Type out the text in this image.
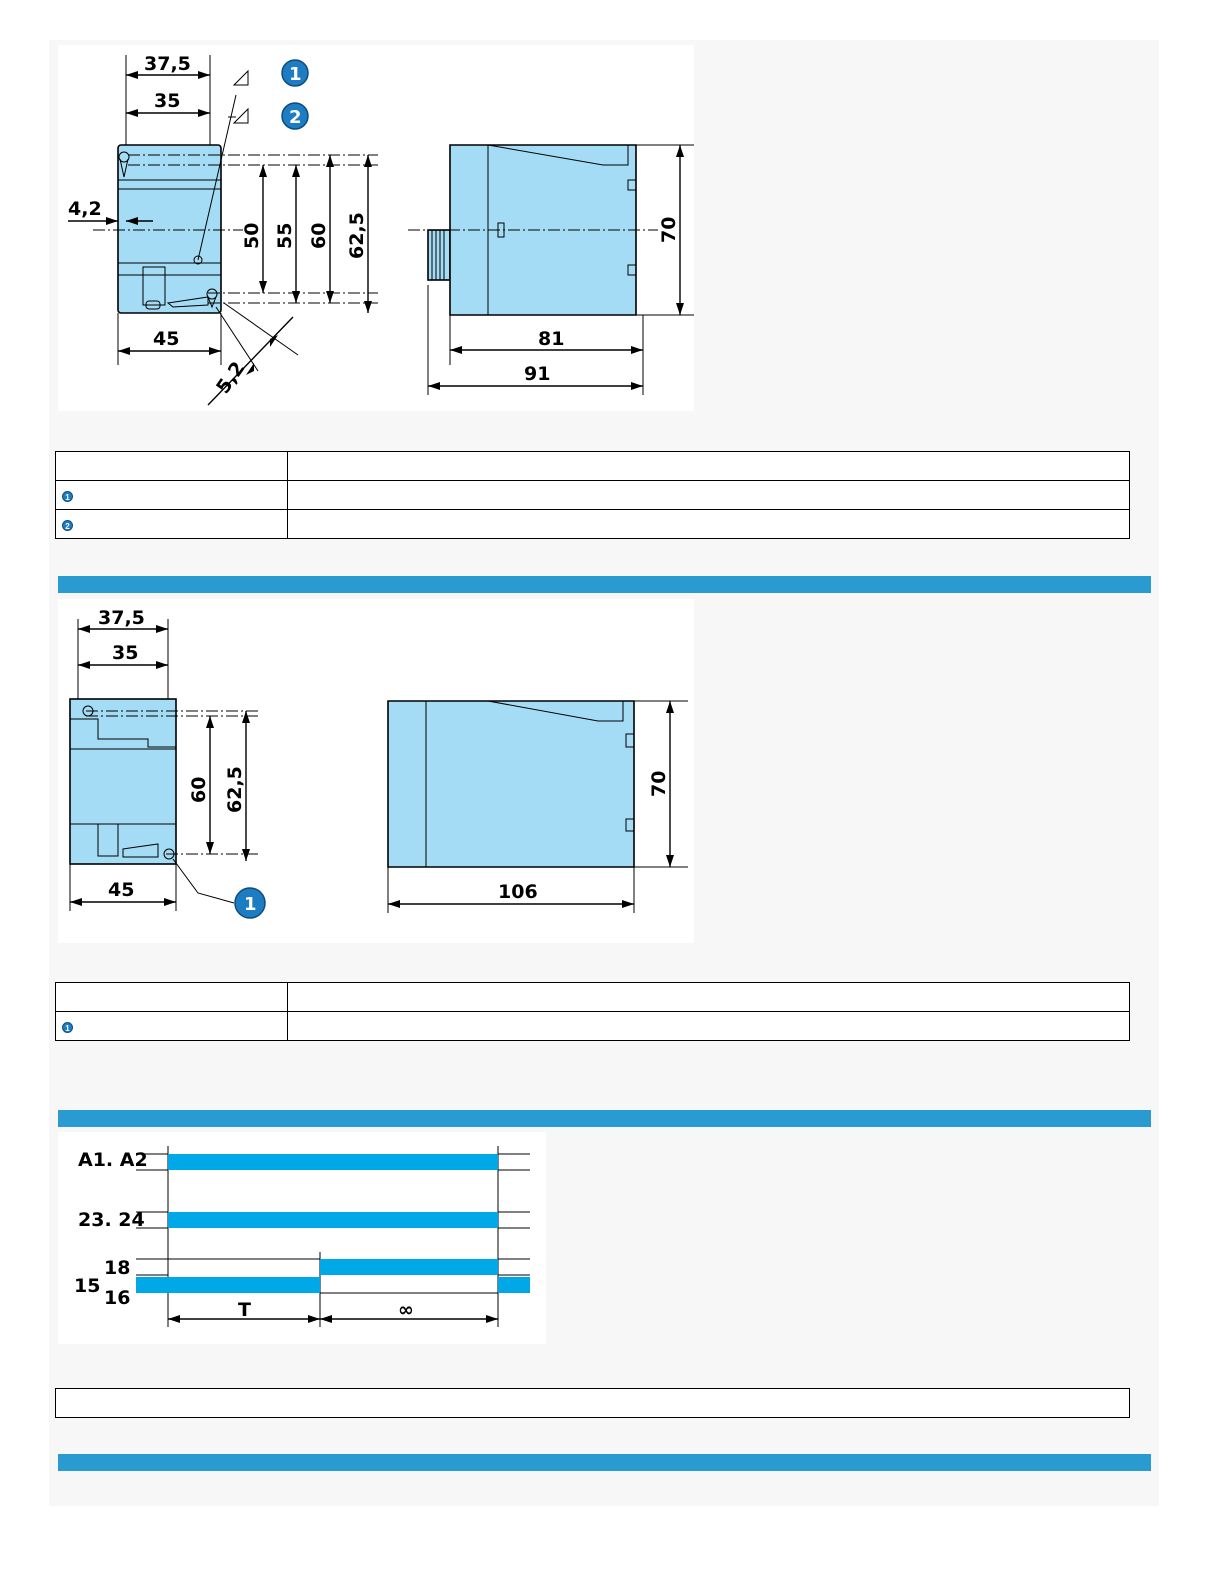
37,5
35
4,2
45
5,2
50 55 60 62,5
1
2
70
81
91

1	
2	
37,5
35
45
60 62,5
1
70
106

1	
A1. A2
23. 24
15
18
16
T	∞
